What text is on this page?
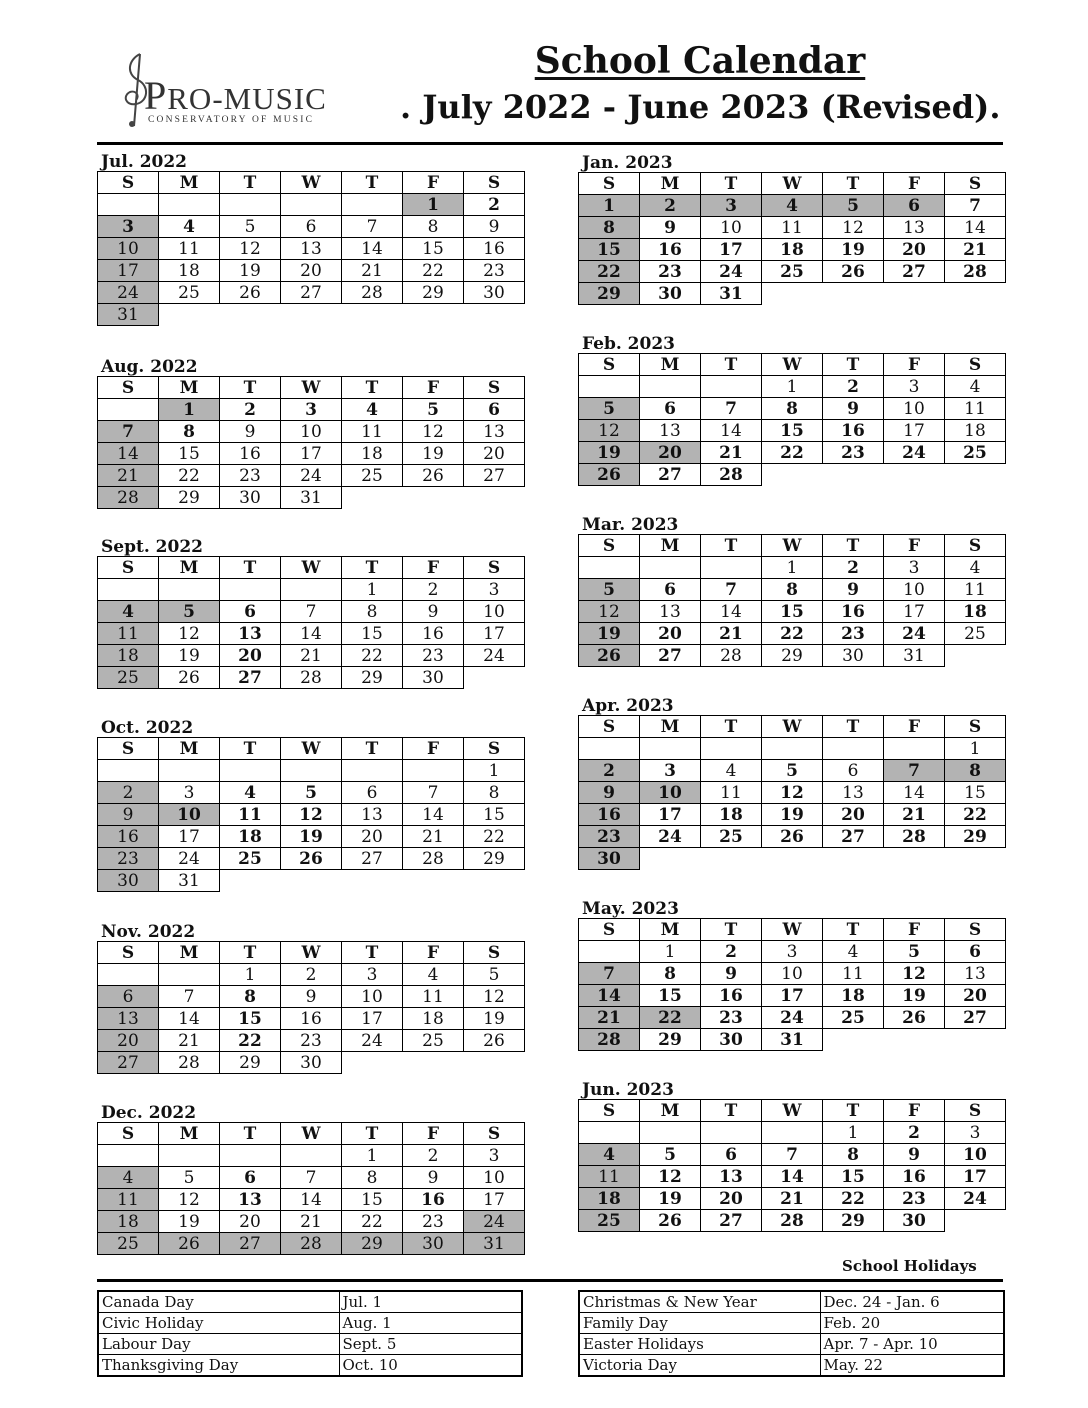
PRO-MUSIC
CONSERVATORY OF MUSIC
School Calendar
. July 2022 - June 2023 (Revised).
Jul. 2022
S	M	T	W	T	F	S
					1	2
3	4	5	6	7	8	9
10	11	12	13	14	15	16
17	18	19	20	21	22	23
24	25	26	27	28	29	30
31						
Aug. 2022
S	M	T	W	T	F	S
	1	2	3	4	5	6
7	8	9	10	11	12	13
14	15	16	17	18	19	20
21	22	23	24	25	26	27
28	29	30	31			
Sept. 2022
S	M	T	W	T	F	S
				1	2	3
4	5	6	7	8	9	10
11	12	13	14	15	16	17
18	19	20	21	22	23	24
25	26	27	28	29	30	
Oct. 2022
S	M	T	W	T	F	S
						1
2	3	4	5	6	7	8
9	10	11	12	13	14	15
16	17	18	19	20	21	22
23	24	25	26	27	28	29
30	31					
Nov. 2022
S	M	T	W	T	F	S
		1	2	3	4	5
6	7	8	9	10	11	12
13	14	15	16	17	18	19
20	21	22	23	24	25	26
27	28	29	30			
Dec. 2022
S	M	T	W	T	F	S
				1	2	3
4	5	6	7	8	9	10
11	12	13	14	15	16	17
18	19	20	21	22	23	24
25	26	27	28	29	30	31
Jan. 2023
S	M	T	W	T	F	S
1	2	3	4	5	6	7
8	9	10	11	12	13	14
15	16	17	18	19	20	21
22	23	24	25	26	27	28
29	30	31				
Feb. 2023
S	M	T	W	T	F	S
			1	2	3	4
5	6	7	8	9	10	11
12	13	14	15	16	17	18
19	20	21	22	23	24	25
26	27	28				
Mar. 2023
S	M	T	W	T	F	S
			1	2	3	4
5	6	7	8	9	10	11
12	13	14	15	16	17	18
19	20	21	22	23	24	25
26	27	28	29	30	31	
Apr. 2023
S	M	T	W	T	F	S
						1
2	3	4	5	6	7	8
9	10	11	12	13	14	15
16	17	18	19	20	21	22
23	24	25	26	27	28	29
30						
May. 2023
S	M	T	W	T	F	S
	1	2	3	4	5	6
7	8	9	10	11	12	13
14	15	16	17	18	19	20
21	22	23	24	25	26	27
28	29	30	31			
Jun. 2023
S	M	T	W	T	F	S
				1	2	3
4	5	6	7	8	9	10
11	12	13	14	15	16	17
18	19	20	21	22	23	24
25	26	27	28	29	30	
School Holidays
Canada Day	Jul. 1
Civic Holiday	Aug. 1
Labour Day	Sept. 5
Thanksgiving Day	Oct. 10
Christmas & New Year	Dec. 24 - Jan. 6
Family Day	Feb. 20
Easter Holidays	Apr. 7 - Apr. 10
Victoria Day	May. 22
